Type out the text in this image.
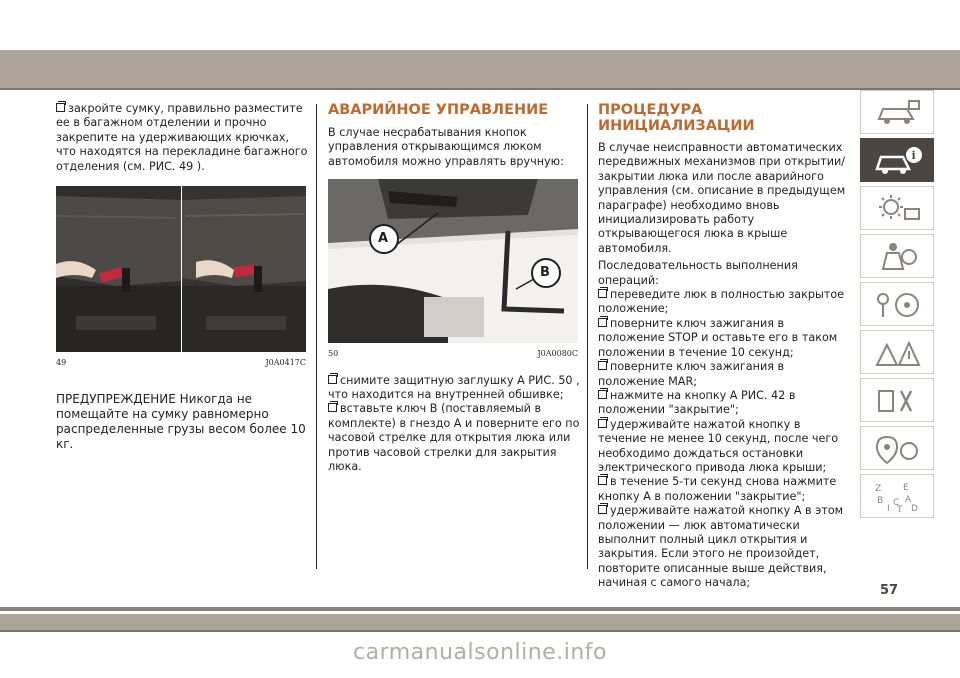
закройте сумку, правильно разместите ее в багажном отделении и прочно закрепите на удерживающих крючках, что находятся на перекладине багажного отделения (см. РИС. 49 ).

49	J0A0417C

ПРЕДУПРЕЖДЕНИЕ Никогда не помещайте на сумку равномерно распределенные грузы весом более 10 кг.

АВАРИЙНОЕ УПРАВЛЕНИЕ

В случае несрабатывания кнопок управления открывающимся люком автомобиля можно управлять вручную:

A
B
50	J0A0080C

снимите защитную заглушку A РИС. 50 , что находится на внутренней обшивке;

вставьте ключ B (поставляемый в комплекте) в гнездо A и поверните его по часовой стрелке для открытия люка или против часовой стрелки для закрытия люка.

ПРОЦЕДУРА ИНИЦИАЛИЗАЦИИ

В случае неисправности автоматических передвижных механизмов при открытии/закрытии люка или после аварийного управления (см. описание в предыдущем параграфе) необходимо вновь инициализировать работу открывающегося люка в крыше автомобиля.

Последовательность выполнения операций:

переведите люк в полностью закрытое положение;

поверните ключ зажигания в положение STOP и оставьте его в таком положении в течение 10 секунд;

поверните ключ зажигания в положение MAR;

нажмите на кнопку A РИС. 42 в положении "закрытие";

удерживайте нажатой кнопку в течение не менее 10 секунд, после чего необходимо дождаться остановки электрического привода люка крыши;

в течение 5-ти секунд снова нажмите кнопку A в положении "закрытие";

удерживайте нажатой кнопку A в этом положении — люк автоматически выполнит полный цикл открытия и закрытия. Если этого не произойдет, повторите описанные выше действия, начиная с самого начала;

i
Z E
B A
I
C
T D
57
carmanualsonline.info
